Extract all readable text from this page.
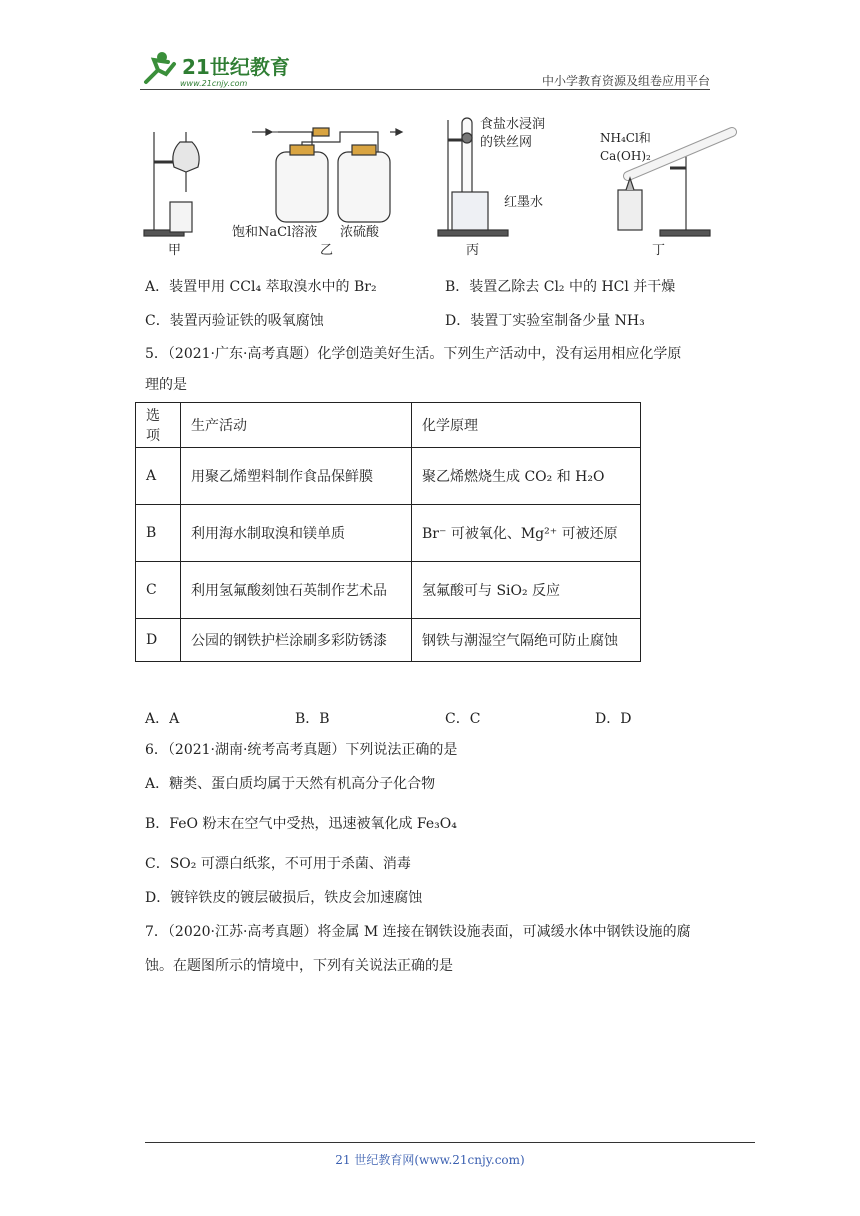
21世纪教育
www.21cnjy.com	中小学教育资源及组卷应用平台
甲
饱和NaCl溶液 浓硫酸
乙
食盐水浸润
的铁丝网
红墨水
丙
NH₄Cl和
Ca(OH)₂
丁
A．装置甲用 CCl₄ 萃取溴水中的 Br₂	B．装置乙除去 Cl₂ 中的 HCl 并干燥
C．装置丙验证铁的吸氧腐蚀	D．装置丁实验室制备少量 NH₃
5．（2021·广东·高考真题）化学创造美好生活。下列生产活动中，没有运用相应化学原
理的是
选项	生产活动	化学原理
A	用聚乙烯塑料制作食品保鲜膜	聚乙烯燃烧生成 CO₂ 和 H₂O
B	利用海水制取溴和镁单质	Br⁻ 可被氧化、Mg²⁺ 可被还原
C	利用氢氟酸刻蚀石英制作艺术品	氢氟酸可与 SiO₂ 反应
D	公园的钢铁护栏涂刷多彩防锈漆	钢铁与潮湿空气隔绝可防止腐蚀
A．A	B．B	C．C	D．D
6．（2021·湖南·统考高考真题）下列说法正确的是
A．糖类、蛋白质均属于天然有机高分子化合物
B．FeO 粉末在空气中受热，迅速被氧化成 Fe₃O₄
C．SO₂ 可漂白纸浆，不可用于杀菌、消毒
D．镀锌铁皮的镀层破损后，铁皮会加速腐蚀
7．（2020·江苏·高考真题）将金属 M 连接在钢铁设施表面，可减缓水体中钢铁设施的腐
蚀。在题图所示的情境中，下列有关说法正确的是
21 世纪教育网(www.21cnjy.com)
